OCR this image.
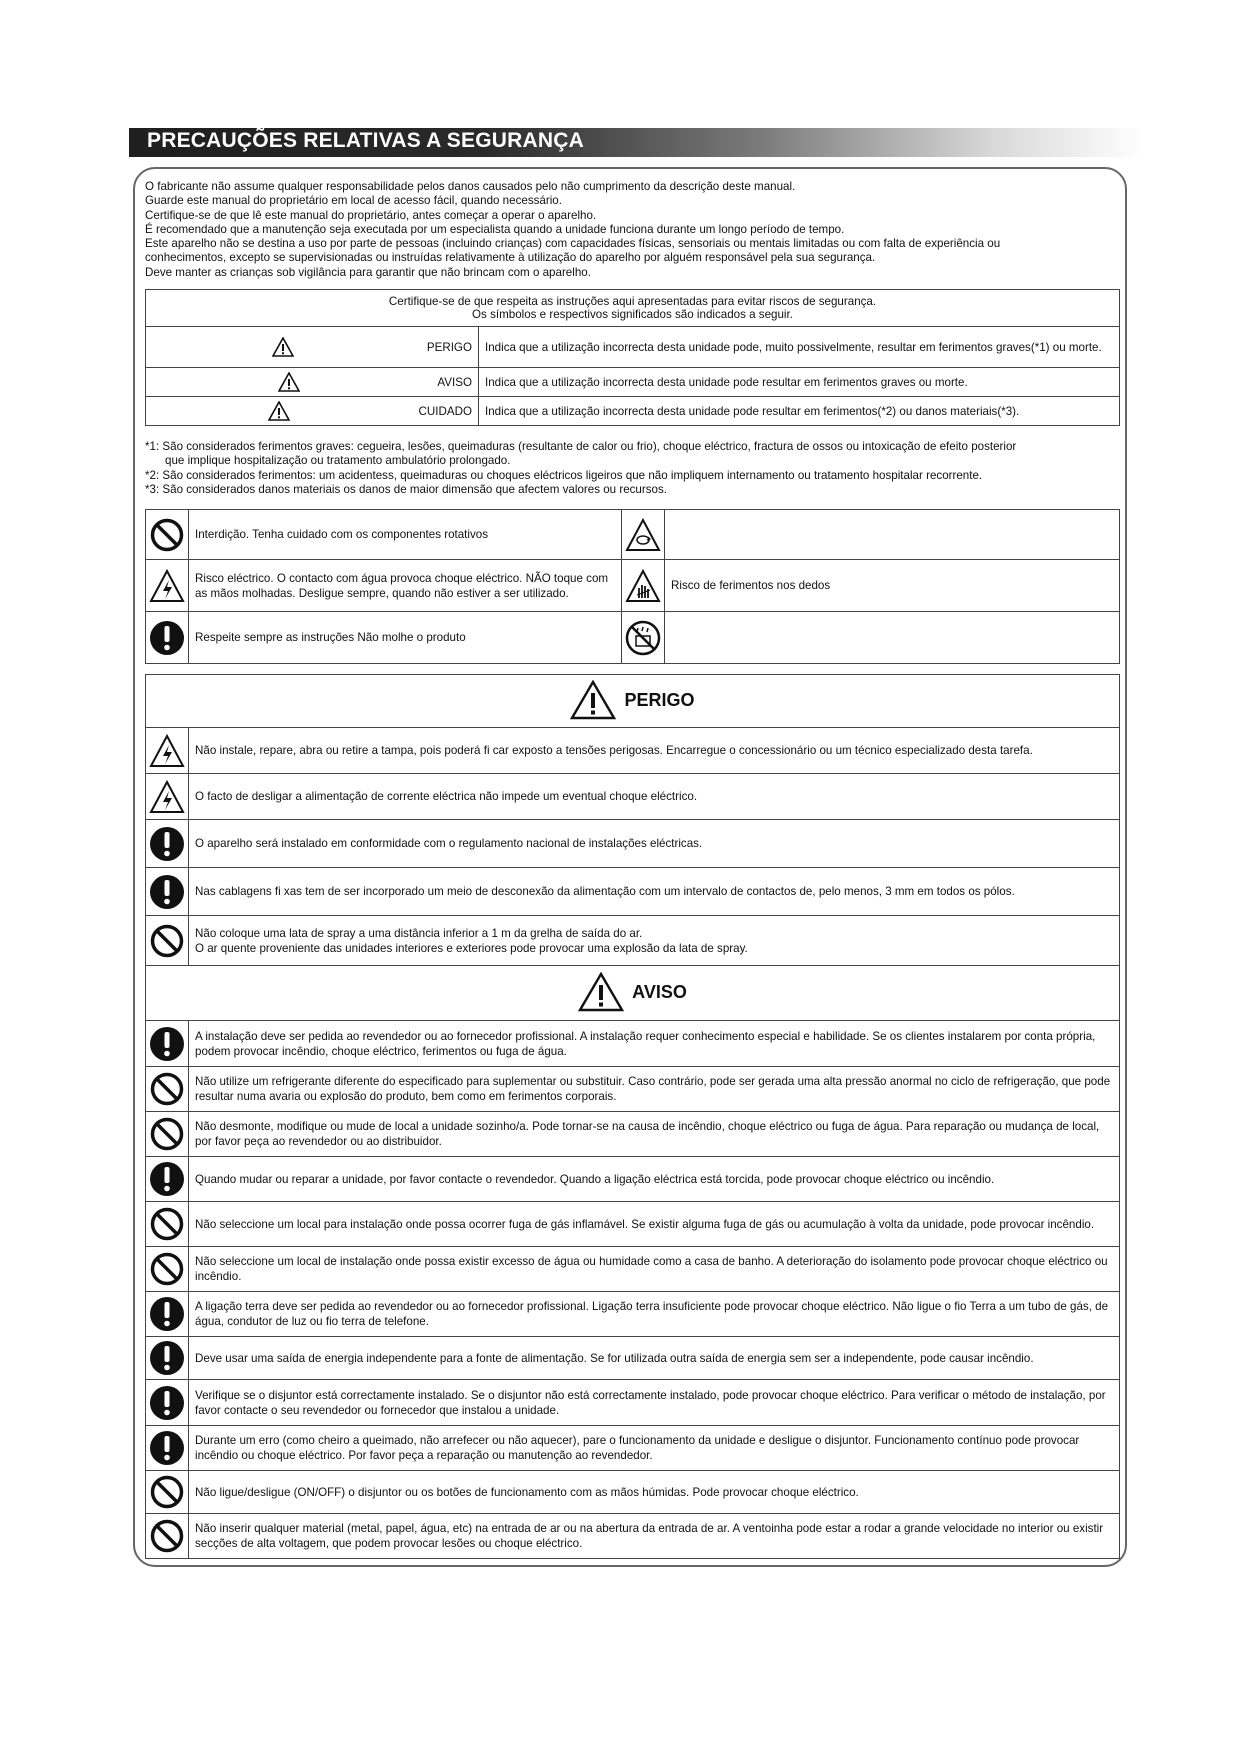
PRECAUÇÕES RELATIVAS A SEGURANÇA
O fabricante não assume qualquer responsabilidade pelos danos causados pelo não cumprimento da descrição deste manual.
Guarde este manual do proprietário em local de acesso fácil, quando necessário.
Certifique-se de que lê este manual do proprietário, antes começar a operar o aparelho.
É recomendado que a manutenção seja executada por um especialista quando a unidade funciona durante um longo período de tempo.
Este aparelho não se destina a uso por parte de pessoas (incluindo crianças) com capacidades físicas, sensoriais ou mentais limitadas ou com falta de experiência ou
conhecimentos, excepto se supervisionadas ou instruídas relativamente à utilização do aparelho por alguém responsável pela sua segurança.
Deve manter as crianças sob vigilância para garantir que não brincam com o aparelho.
Certifique-se de que respeita as instruções aqui apresentadas para evitar riscos de segurança.
Os símbolos e respectivos significados são indicados a seguir.	

PERIGO	Indica que a utilização incorrecta desta unidade pode, muito possivelmente, resultar em ferimentos graves(*1) ou morte.

AVISO	Indica que a utilização incorrecta desta unidade pode resultar em ferimentos graves ou morte.

CUIDADO	Indica que a utilização incorrecta desta unidade pode resultar em ferimentos(*2) ou danos materiais(*3).
*1: São considerados ferimentos graves: cegueira, lesões, queimaduras (resultante de calor ou frio), choque eléctrico, fractura de ossos ou intoxicação de efeito posterior
que implique hospitalização ou tratamento ambulatório prolongado.
*2: São considerados ferimentos: um acidentess, queimaduras ou choques eléctricos ligeiros que não impliquem internamento ou tratamento hospitalar recorrente.
*3: São considerados danos materiais os danos de maior dimensão que afectem valores ou recursos.
	Interdição. Tenha cuidado com os componentes rotativos	

	Risco eléctrico. O contacto com água provoca choque eléctrico. NÃO toque com as mãos molhadas. Desligue sempre, quando não estiver a ser utilizado.		Risco de ferimentos nos dedos

	Respeite sempre as instruções Não molhe o produto	

PERIGO	

	Não instale, repare, abra ou retire a tampa, pois poderá fi car exposto a tensões perigosas. Encarregue o concessionário ou um técnico especializado desta tarefa.

	O facto de desligar a alimentação de corrente eléctrica não impede um eventual choque eléctrico.

	O aparelho será instalado em conformidade com o regulamento nacional de instalações eléctricas.

	Nas cablagens fi xas tem de ser incorporado um meio de desconexão da alimentação com um intervalo de contactos de, pelo menos, 3 mm em todos os pólos.

	Não coloque uma lata de spray a uma distância inferior a 1 m da grelha de saída do ar.
O ar quente proveniente das unidades interiores e exteriores pode provocar uma explosão da lata de spray.

AVISO	

	A instalação deve ser pedida ao revendedor ou ao fornecedor profissional. A instalação requer conhecimento especial e habilidade. Se os clientes instalarem por conta própria, podem provocar incêndio, choque eléctrico, ferimentos ou fuga de água.

	Não utilize um refrigerante diferente do especificado para suplementar ou substituir. Caso contrário, pode ser gerada uma alta pressão anormal no ciclo de refrigeração, que pode resultar numa avaria ou explosão do produto, bem como em ferimentos corporais.

	Não desmonte, modifique ou mude de local a unidade sozinho/a. Pode tornar-se na causa de incêndio, choque eléctrico ou fuga de água. Para reparação ou mudança de local, por favor peça ao revendedor ou ao distribuidor.

	Quando mudar ou reparar a unidade, por favor contacte o revendedor. Quando a ligação eléctrica está torcida, pode provocar choque eléctrico ou incêndio.

	Não seleccione um local para instalação onde possa ocorrer fuga de gás inflamável. Se existir alguma fuga de gás ou acumulação à volta da unidade, pode provocar incêndio.

	Não seleccione um local de instalação onde possa existir excesso de água ou humidade como a casa de banho. A deterioração do isolamento pode provocar choque eléctrico ou incêndio.

	A ligação terra deve ser pedida ao revendedor ou ao fornecedor profissional. Ligação terra insuficiente pode provocar choque eléctrico. Não ligue o fio Terra a um tubo de gás, de água, condutor de luz ou fio terra de telefone.

	Deve usar uma saída de energia independente para a fonte de alimentação. Se for utilizada outra saída de energia sem ser a independente, pode causar incêndio.

	Verifique se o disjuntor está correctamente instalado. Se o disjuntor não está correctamente instalado, pode provocar choque eléctrico. Para verificar o método de instalação, por favor contacte o seu revendedor ou fornecedor que instalou a unidade.

	Durante um erro (como cheiro a queimado, não arrefecer ou não aquecer), pare o funcionamento da unidade e desligue o disjuntor. Funcionamento contínuo pode provocar incêndio ou choque eléctrico. Por favor peça a reparação ou manutenção ao revendedor.

	Não ligue/desligue (ON/OFF) o disjuntor ou os botões de funcionamento com as mãos húmidas. Pode provocar choque eléctrico.

	Não inserir qualquer material (metal, papel, água, etc) na entrada de ar ou na abertura da entrada de ar. A ventoinha pode estar a rodar a grande velocidade no interior ou existir secções de alta voltagem, que podem provocar lesões ou choque eléctrico.
